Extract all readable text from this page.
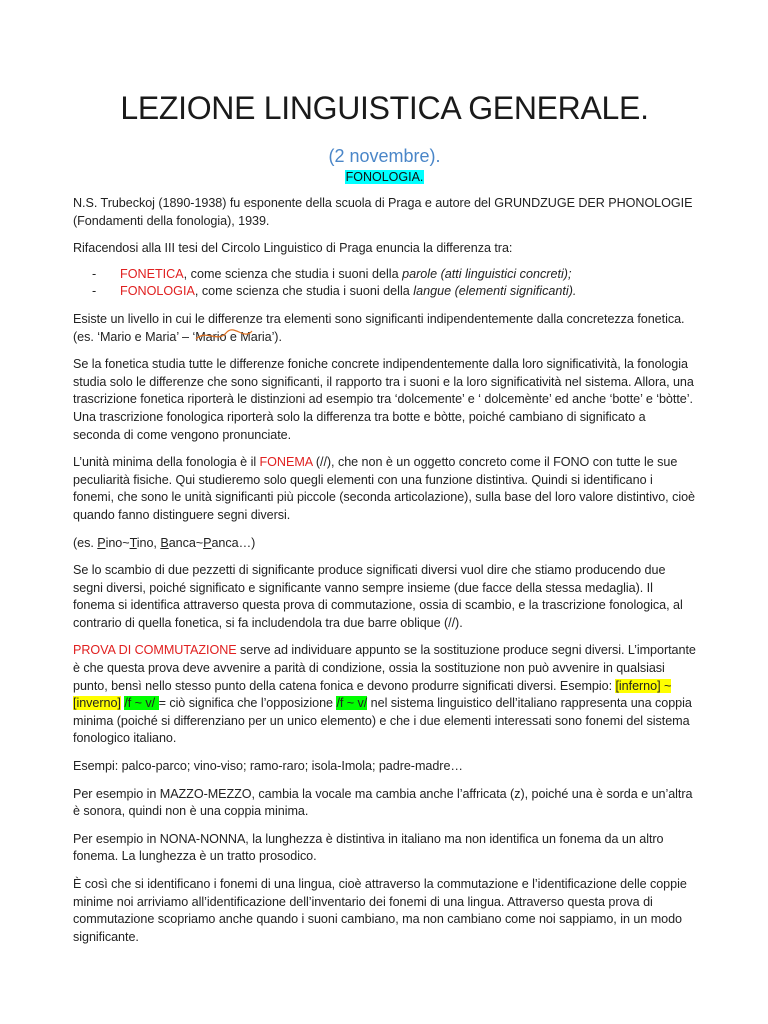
LEZIONE LINGUISTICA GENERALE.
(2 novembre).
FONOLOGIA.

N.S. Trubeckoj (1890-1938) fu esponente della scuola di Praga e autore del GRUNDZUGE DER PHONOLOGIE (Fondamenti della fonologia), 1939.

Rifacendosi alla III tesi del Circolo Linguistico di Praga enuncia la differenza tra:

- FONETICA, come scienza che studia i suoni della parole (atti linguistici concreti);
- FONOLOGIA, come scienza che studia i suoni della langue (elementi significanti).

Esiste un livello in cui le differenze tra elementi sono significanti indipendentemente dalla concretezza fonetica. (es. ‘Mario e Maria’ – ‘
Mario e Maria’).

Se la fonetica studia tutte le differenze foniche concrete indipendentemente dalla loro significatività, la fonologia studia solo le differenze che sono significanti, il rapporto tra i suoni e la loro significatività nel sistema. Allora, una trascrizione fonetica riporterà le distinzioni ad esempio tra ‘dolcemente’ e ‘ dolcemènte’ ed anche ‘botte’ e ‘bòtte’. Una trascrizione fonologica riporterà solo la differenza tra botte e bòtte, poiché cambiano di significato a seconda di come vengono pronunciate.

L’unità minima della fonologia è il FONEMA (//), che non è un oggetto concreto come il FONO con tutte le sue peculiarità fisiche. Qui studieremo solo quegli elementi con una funzione distintiva. Quindi si identificano i fonemi, che sono le unità significanti più piccole (seconda articolazione), sulla base del loro valore distintivo, cioè quando fanno distinguere segni diversi.

(es. Pino~Tino, Banca~Panca…)

Se lo scambio di due pezzetti di significante produce significati diversi vuol dire che stiamo producendo due segni diversi, poiché significato e significante vanno sempre insieme (due facce della stessa medaglia). Il fonema si identifica attraverso questa prova di commutazione, ossia di scambio, e la trascrizione fonologica, al contrario di quella fonetica, si fa includendola tra due barre oblique (//).

PROVA DI COMMUTAZIONE serve ad individuare appunto se la sostituzione produce segni diversi. L’importante è che questa prova deve avvenire a parità di condizione, ossia la sostituzione non può avvenire in qualsiasi punto, bensì nello stesso punto della catena fonica e devono produrre significati diversi. Esempio: [inferno] ~ [inverno] /f ~ v/ = ciò significa che l’opposizione /f ~ v/ nel sistema linguistico dell’italiano rappresenta una coppia minima (poiché si differenziano per un unico elemento) e che i due elementi interessati sono fonemi del sistema fonologico italiano.

Esempi: palco-parco; vino-viso; ramo-raro; isola-Imola; padre-madre…

Per esempio in MAZZO-MEZZO, cambia la vocale ma cambia anche l’affricata (z), poiché una è sorda e un’altra è sonora, quindi non è una coppia minima.

Per esempio in NONA-NONNA, la lunghezza è distintiva in italiano ma non identifica un fonema da un altro fonema. La lunghezza è un tratto prosodico.

È così che si identificano i fonemi di una lingua, cioè attraverso la commutazione e l’identificazione delle coppie minime noi arriviamo all’identificazione dell’inventario dei fonemi di una lingua. Attraverso questa prova di commutazione scopriamo anche quando i suoni cambiano, ma non cambiano come noi sappiamo, in un modo significante.
